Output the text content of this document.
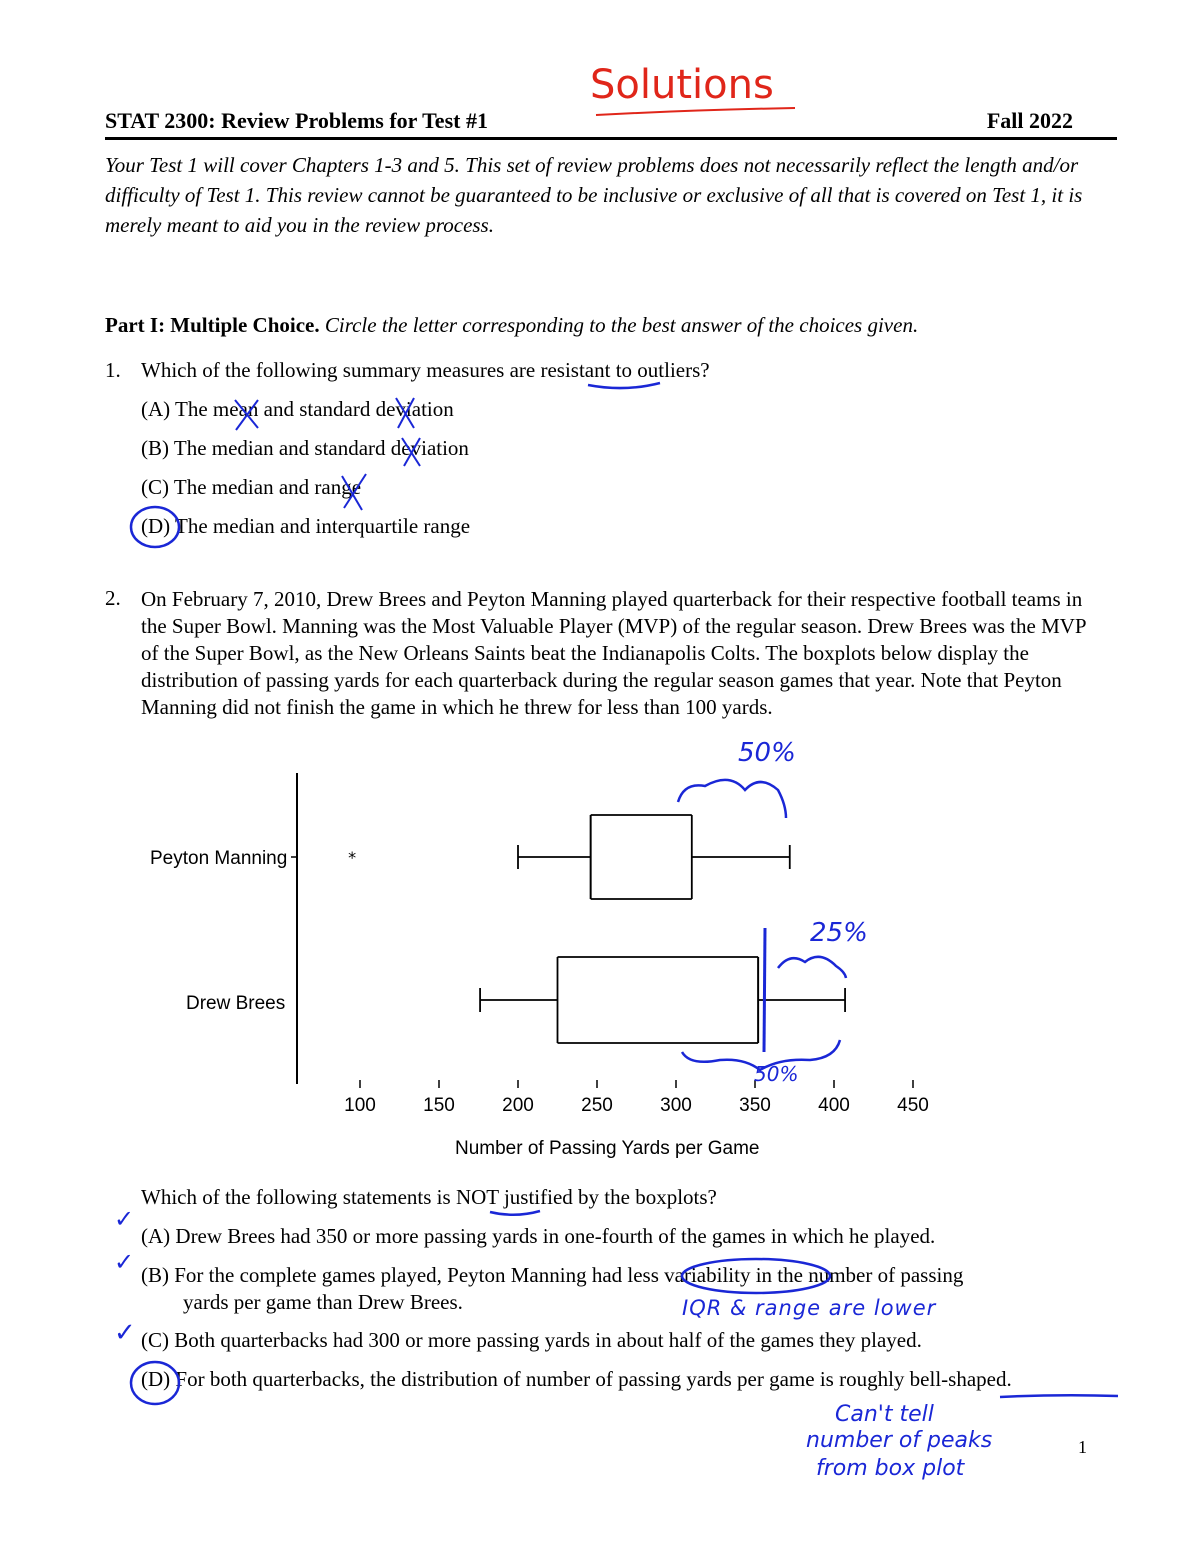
Solutions
STAT 2300: Review Problems for Test #1	Fall 2022
Your Test 1 will cover Chapters 1-3 and 5. This set of review problems does not necessarily reflect the length and/or difficulty of Test 1. This review cannot be guaranteed to be inclusive or exclusive of all that is covered on Test 1, it is merely meant to aid you in the review process.
Part I: Multiple Choice. Circle the letter corresponding to the best answer of the choices given.
1. Which of the following summary measures are resistant to outliers?
(A) The mean and standard deviation
(B) The median and standard deviation
(C) The median and range
(D) The median and interquartile range
2. On February 7, 2010, Drew Brees and Peyton Manning played quarterback for their respective football teams in the Super Bowl. Manning was the Most Valuable Player (MVP) of the regular season. Drew Brees was the MVP of the Super Bowl, as the New Orleans Saints beat the Indianapolis Colts. The boxplots below display the distribution of passing yards for each quarterback during the regular season games that year. Note that Peyton Manning did not finish the game in which he threw for less than 100 yards.
Peyton Manning
Drew Brees
Number of Passing Yards per Game
100 150 200 250 300 350 400 450
*
50%
25%
50%
Which of the following statements is NOT justified by the boxplots?
(A) Drew Brees had 350 or more passing yards in one-fourth of the games in which he played.
(B) For the complete games played, Peyton Manning had less variability in the number of passing
yards per game than Drew Brees.
(C) Both quarterbacks had 300 or more passing yards in about half of the games they played.
(D) For both quarterbacks, the distribution of number of passing yards per game is roughly bell-shaped.
✓
✓
✓
IQR & range are lower
Can't tell
number of peaks
from box plot
1
